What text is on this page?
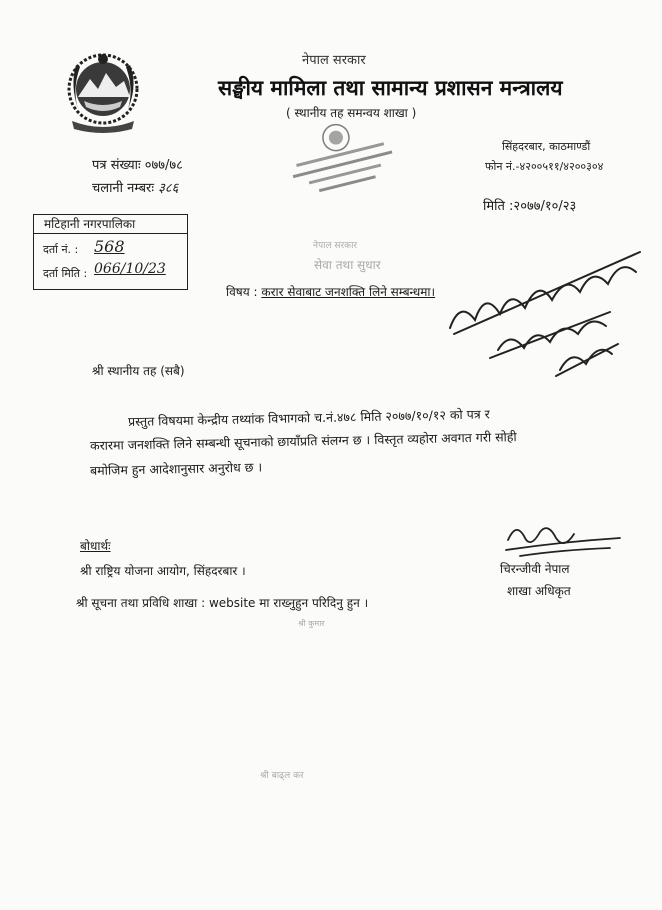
नेपाल सरकार
सङ्घीय मामिला तथा सामान्य प्रशासन मन्त्रालय
( स्थानीय तह समन्वय शाखा )
सिंहदरबार, काठमाण्डौं
फोन नं.-४२००५११/४२००३०४
पत्र संख्याः ०७७/७८
चलानी नम्बरः ३८६
मिति :२०७७/१०/२३
मटिहानी नगरपालिका
दर्ता नं. : 568
दर्ता मिति : 066/10/23
नेपाल सरकार
सेवा तथा सुधार
विषय : करार सेवाबाट जनशक्ति लिने सम्बन्धमा।
श्री स्थानीय तह (सबै)
प्रस्तुत विषयमा केन्द्रीय तथ्यांक विभागको च.नं.४७८ मिति २०७७/१०/१२ को पत्र र
करारमा जनशक्ति लिने सम्बन्धी सूचनाको छायाँप्रति संलग्न छ । विस्तृत व्यहोरा अवगत गरी सोही
बमोजिम हुन आदेशानुसार अनुरोध छ ।
बोधार्थः
श्री राष्ट्रिय योजना आयोग, सिंहदरबार ।
श्री सूचना तथा प्रविधि शाखा : website मा राख्नुहुन परिदिनु हुन ।
चिरन्जीवी नेपाल
शाखा अधिकृत
श्री कुमार
श्री बाढ्ल कर
